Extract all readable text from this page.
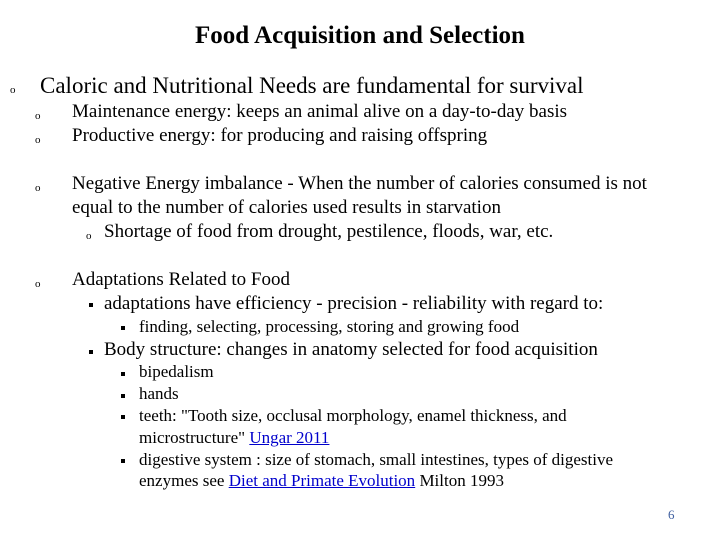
Food Acquisition and Selection
o Caloric and Nutritional Needs are fundamental for survival
o Maintenance energy: keeps an animal alive on a day-to-day basis
o Productive energy: for producing and raising offspring
o Negative Energy imbalance - When the number of calories consumed is not
equal to the number of calories used results in starvation
o Shortage of food from drought, pestilence, floods, war, etc.
o Adaptations Related to Food
adaptations have efficiency - precision - reliability with regard to:
finding, selecting, processing, storing and growing food
Body structure: changes in anatomy selected for food acquisition
bipedalism
hands
teeth: "Tooth size, occlusal morphology, enamel thickness, and
microstructure" Ungar 2011
digestive system : size of stomach, small intestines, types of digestive
enzymes see Diet and Primate Evolution Milton 1993
6
